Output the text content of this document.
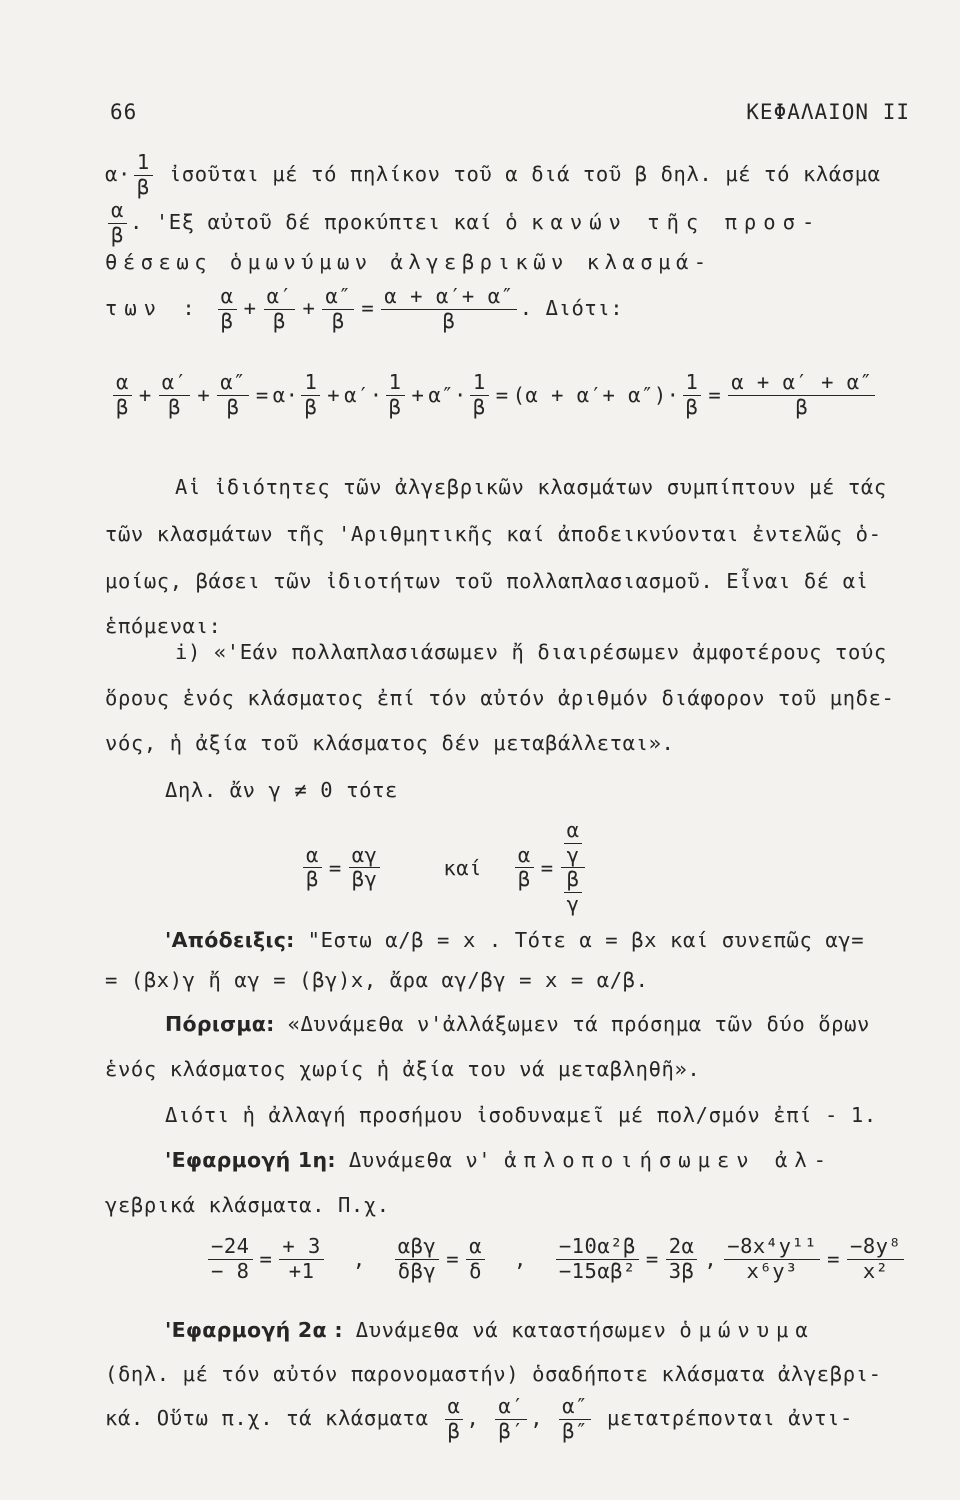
66	ΚΕΦΑΛΑΙΟΝ ΙΙ
$\alpha\cdot \frac{1}{\beta}$ ἰσοῦται μέ τό πηλίκον τοῦ α διά τοῦ β δηλ. μέ τό κλάσμα
$\frac{\alpha}{\beta}$ . 'Εξ αὐτοῦ δέ προκύπτει καί ὁ κανών τῆς προσ-
θέσεως ὁμωνύμων ἀλγεβρικῶν κλασμά-
των : $\frac{\alpha}{\beta} + \frac{\alpha'}{\beta} + \frac{\alpha''}{\beta} = \frac{\alpha + \alpha'+ \alpha''}{\beta}$ . Διότι:
$\frac{\alpha}{\beta} + \frac{\alpha'}{\beta} + \frac{\alpha''}{\beta} = \alpha\cdot \frac{1}{\beta} + \alpha'\cdot \frac{1}{\beta} + \alpha''\cdot \frac{1}{\beta} = (\alpha + \alpha'+ \alpha'')\cdot \frac{1}{\beta} = \frac{\alpha + \alpha' + \alpha''}{\beta}$
Αἱ ἰδιότητες τῶν ἀλγεβρικῶν κλασμάτων συμπίπτουν μέ τάς
τῶν κλασμάτων τῆς 'Αριθμητικῆς καί ἀποδεικνύονται ἐντελῶς ὁ-
μοίως, βάσει τῶν ἰδιοτήτων τοῦ πολλαπλασιασμοῦ. Εἶναι δέ αἱ
ἑπόμεναι:
i) «'Εάν πολλαπλασιάσωμεν ἤ διαιρέσωμεν ἀμφοτέρους τούς
ὅρους ἑνός κλάσματος ἐπί τόν αὐτόν ἀριθμόν διάφορον τοῦ μηδε-
νός, ἡ ἀξία τοῦ κλάσματος δέν μεταβάλλεται».
Δηλ. ἄν γ ≠ 0 τότε
$\frac{\alpha}{\beta} = \frac{\alpha\gamma}{\beta\gamma}$	καί $\frac{\alpha}{\beta} = \frac{\frac{\alpha}{\gamma}}{\frac{\beta}{\gamma}}$
'Απόδειξις: "Εστω α/β = x . Τότε α = βx καί συνεπῶς αγ=
= (βx)γ ἤ αγ = (βγ)x, ἄρα αγ/βγ = x = α/β.
Πόρισμα: «Δυνάμεθα ν'ἀλλάξωμεν τά πρόσημα τῶν δύο ὅρων
ἑνός κλάσματος χωρίς ἡ ἀξία του νά μεταβληθῆ».
Διότι ἡ ἀλλαγή προσήμου ἰσοδυναμεῖ μέ πολ/σμόν ἐπί - 1.
'Εφαρμογή 1η: Δυνάμεθα ν' ἁπλοποιήσωμεν ἀλ-
γεβρικά κλάσματα. Π.χ.
$\frac{-24}{- 8} = \frac{+ 3}{+1}$ , $\frac{\text{αβγ}}{\text{δβγ}} = \frac{\alpha}{\delta}$ , $\frac{\text{−10α²β}}{\text{−15αβ²}} = \frac{2\alpha}{3\beta}$ , $\frac{\text{−8x⁴y¹¹}}{\text{x⁶y³}} = \frac{\text{−8y⁸}}{\text{x²}}$
'Εφαρμογή 2α : Δυνάμεθα νά καταστήσωμεν ὁμώνυμα
(δηλ. μέ τόν αὐτόν παρονομαστήν) ὁσαδήποτε κλάσματα ἀλγεβρι-
κά. Οὕτω π.χ. τά κλάσματα $\frac{\alpha}{\beta}$ , $\frac{\alpha'}{\beta'}$ , $\frac{\alpha''}{\beta''}$ μετατρέπονται ἀντι-
